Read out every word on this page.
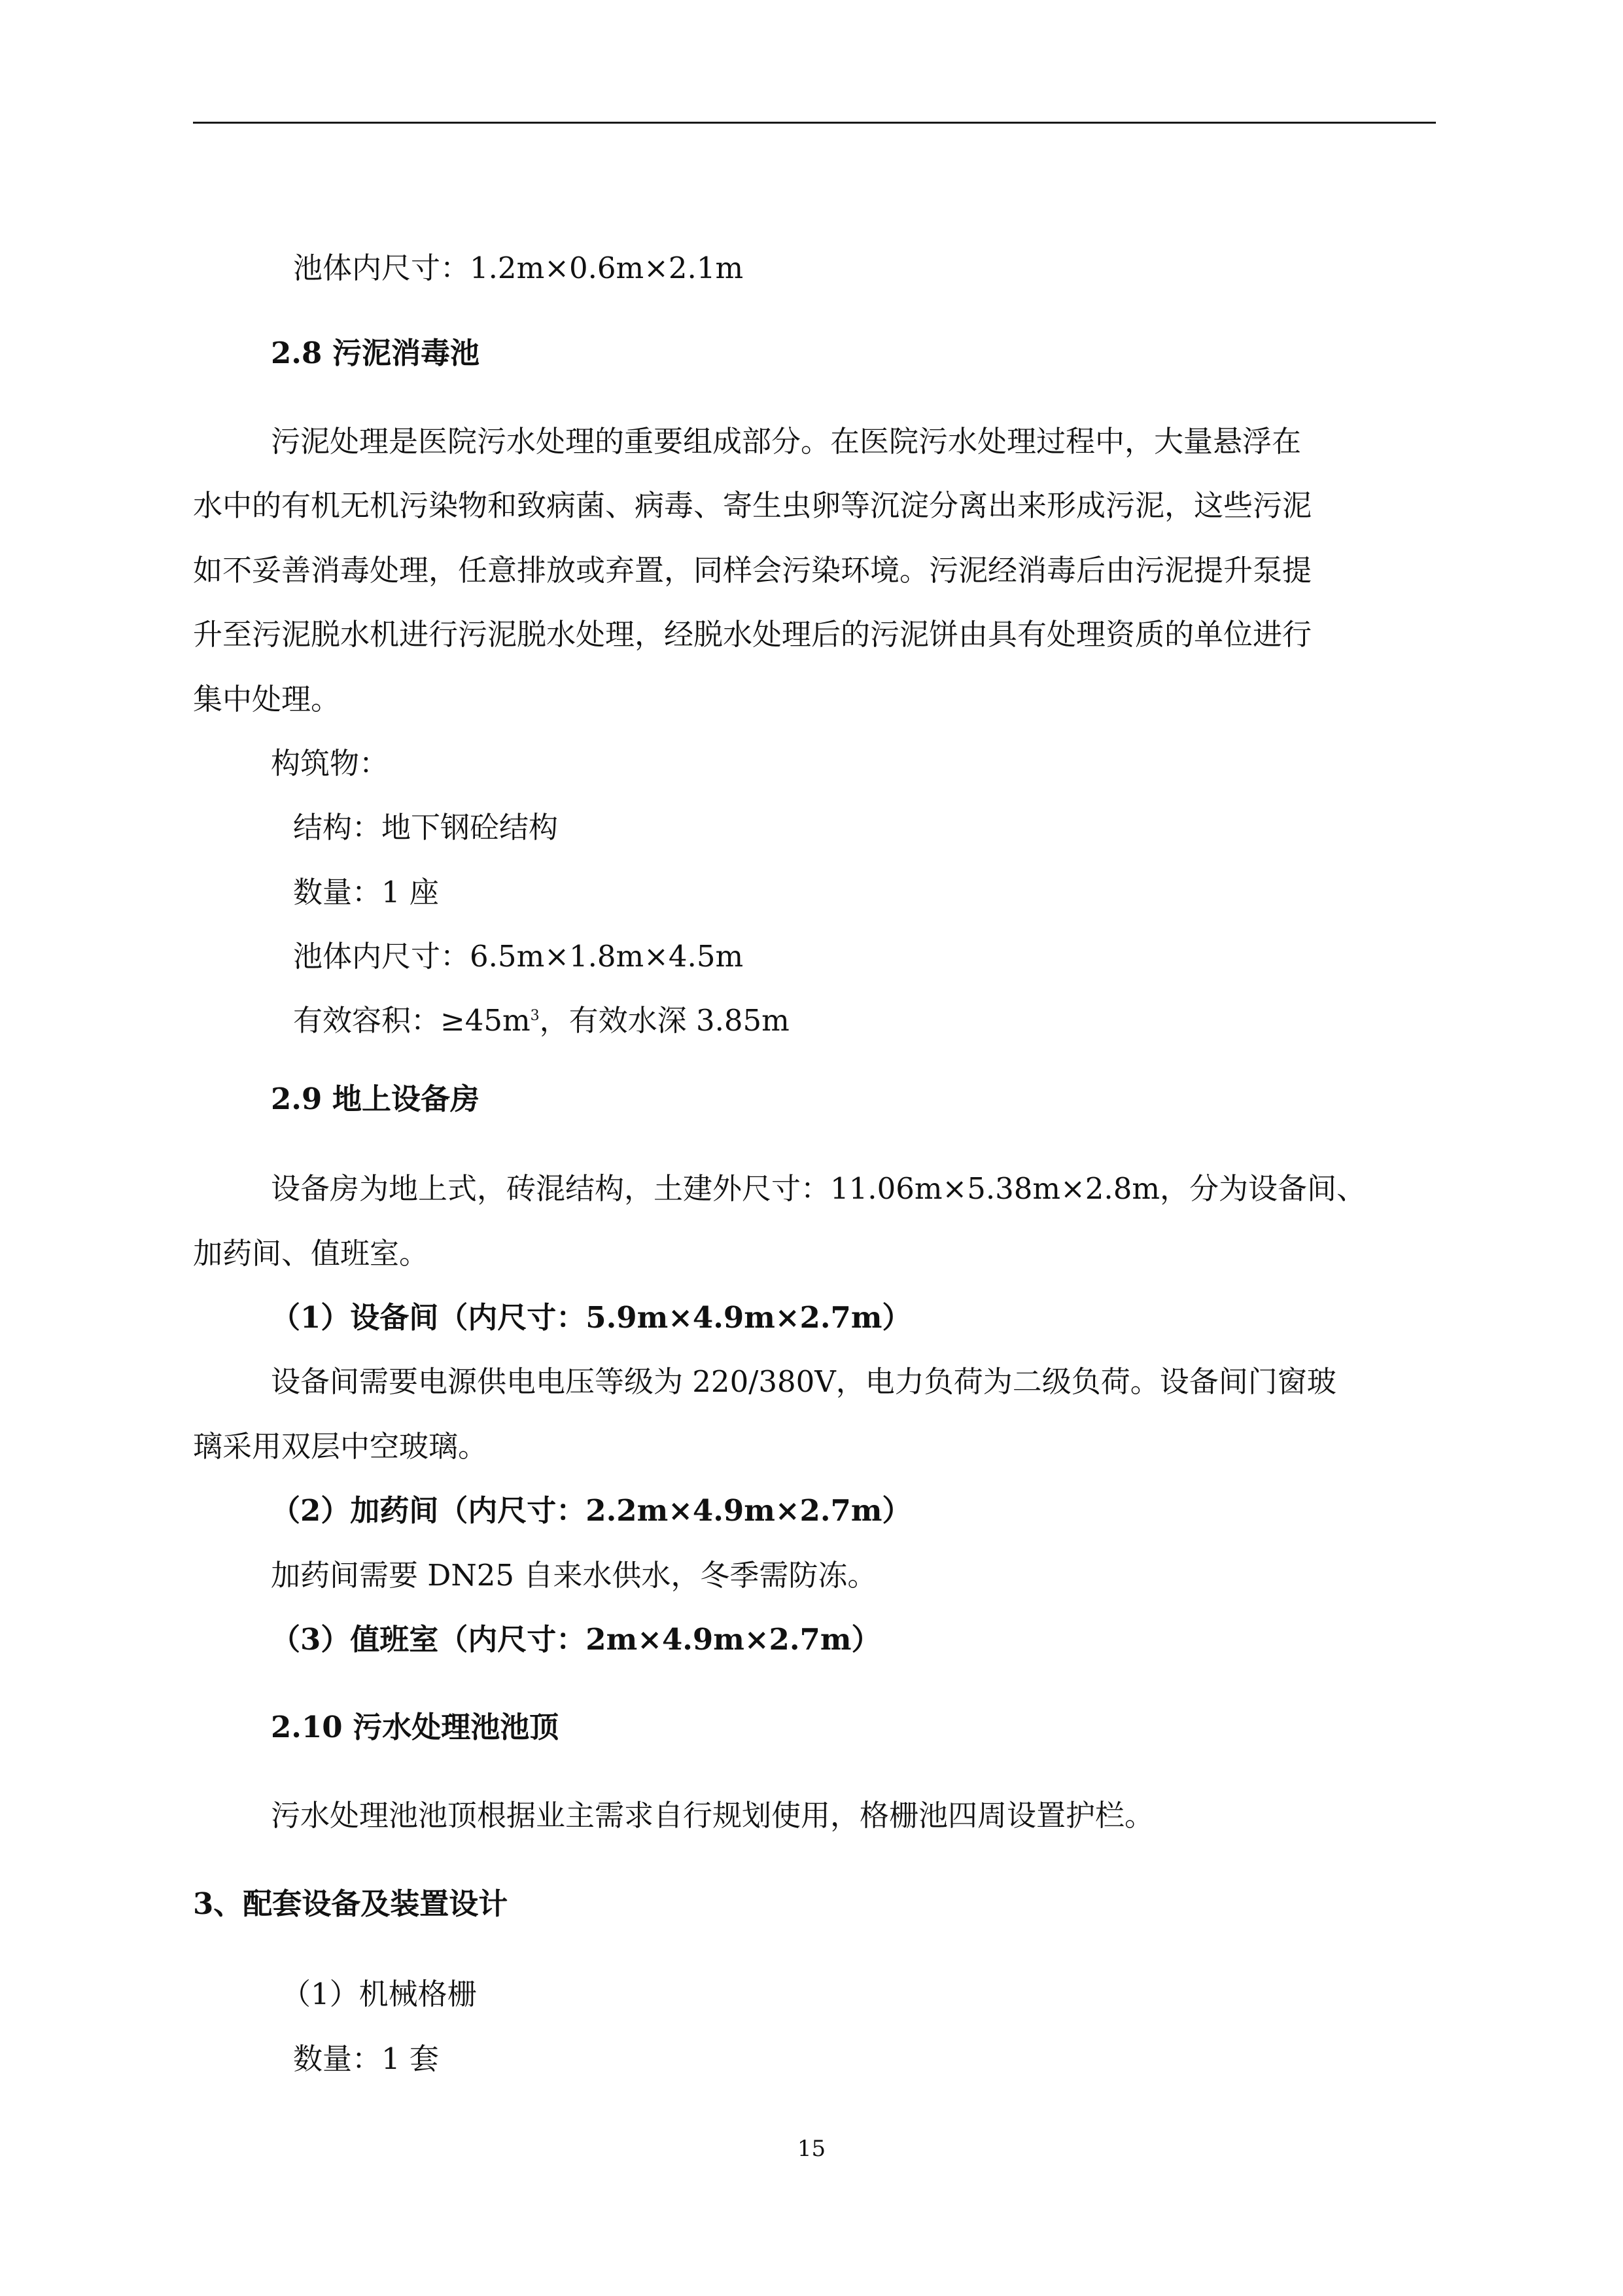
池体内尺寸：1.2m×0.6m×2.1m
2.8 污泥消毒池
污泥处理是医院污水处理的重要组成部分。在医院污水处理过程中，大量悬浮在
水中的有机无机污染物和致病菌、病毒、寄生虫卵等沉淀分离出来形成污泥，这些污泥
如不妥善消毒处理，任意排放或弃置，同样会污染环境。污泥经消毒后由污泥提升泵提
升至污泥脱水机进行污泥脱水处理，经脱水处理后的污泥饼由具有处理资质的单位进行
集中处理。
构筑物：
结构：地下钢砼结构
数量：1 座
池体内尺寸：6.5m×1.8m×4.5m
有效容积：$\ge 45m^3$，有效水深 3.85m
2.9 地上设备房
设备房为地上式，砖混结构，土建外尺寸：11.06m×5.38m×2.8m，分为设备间、
加药间、值班室。
（1）设备间（内尺寸：5.9m×4.9m×2.7m）
设备间需要电源供电电压等级为 220/380V，电力负荷为二级负荷。设备间门窗玻
璃采用双层中空玻璃。
（2）加药间（内尺寸：2.2m×4.9m×2.7m）
加药间需要 DN25 自来水供水，冬季需防冻。
（3）值班室（内尺寸：2m×4.9m×2.7m）
2.10 污水处理池池顶
污水处理池池顶根据业主需求自行规划使用，格栅池四周设置护栏。
3、配套设备及装置设计
（1）机械格栅
数量：1 套
15
